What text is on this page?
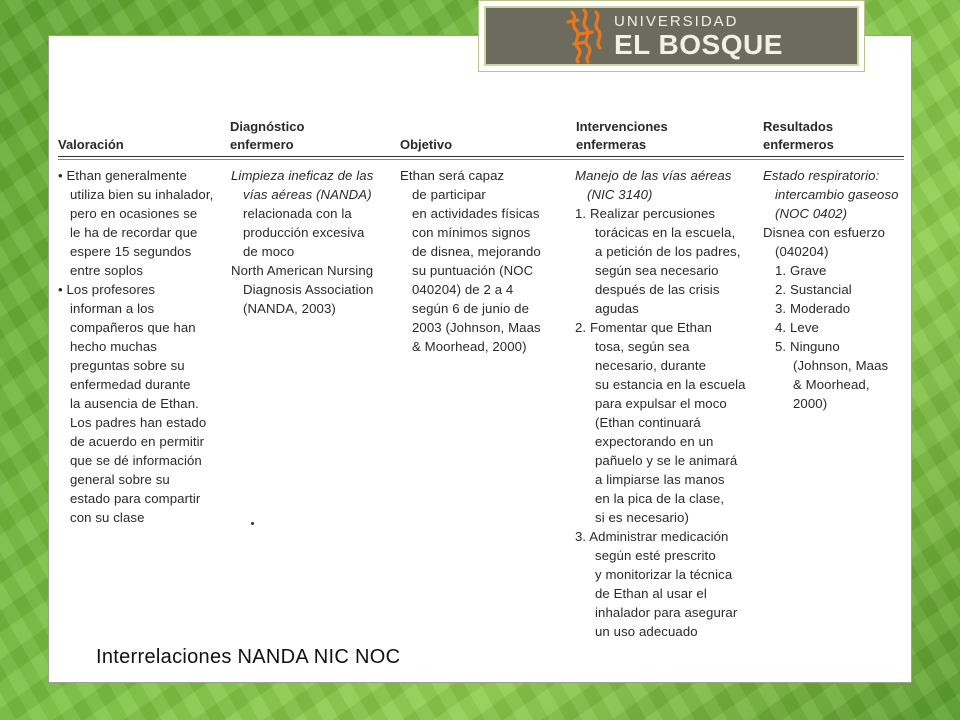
UNIVERSIDAD
EL BOSQUE
Valoración
Diagnóstico
enfermero	Objetivo
Intervenciones
enfermeras
Resultados
enfermeros
• Ethan generalmente
utiliza bien su inhalador,
pero en ocasiones se
le ha de recordar que
espere 15 segundos
entre soplos
• Los profesores
informan a los
compañeros que han
hecho muchas
preguntas sobre su
enfermedad durante
la ausencia de Ethan.
Los padres han estado
de acuerdo en permitir
que se dé información
general sobre su
estado para compartir
con su clase
Limpieza ineficaz de las
vías aéreas (NANDA)
relacionada con la
producción excesiva
de moco
North American Nursing
Diagnosis Association
(NANDA, 2003)
Ethan será capaz
de participar
en actividades físicas
con mínimos signos
de disnea, mejorando
su puntuación (NOC
040204) de 2 a 4
según 6 de junio de
2003 (Johnson, Maas
& Moorhead, 2000)
Manejo de las vías aéreas
(NIC 3140)
1. Realizar percusiones
torácicas en la escuela,
a petición de los padres,
según sea necesario
después de las crisis
agudas
2. Fomentar que Ethan
tosa, según sea
necesario, durante
su estancia en la escuela
para expulsar el moco
(Ethan continuará
expectorando en un
pañuelo y se le animará
a limpiarse las manos
en la pica de la clase,
si es necesario)
3. Administrar medicación
según esté prescrito
y monitorizar la técnica
de Ethan al usar el
inhalador para asegurar
un uso adecuado
Estado respiratorio:
intercambio gaseoso
(NOC 0402)
Disnea con esfuerzo
(040204)
1. Grave
2. Sustancial
3. Moderado
4. Leve
5. Ninguno
(Johnson, Maas
& Moorhead,
2000)
Interrelaciones NANDA NIC NOC
